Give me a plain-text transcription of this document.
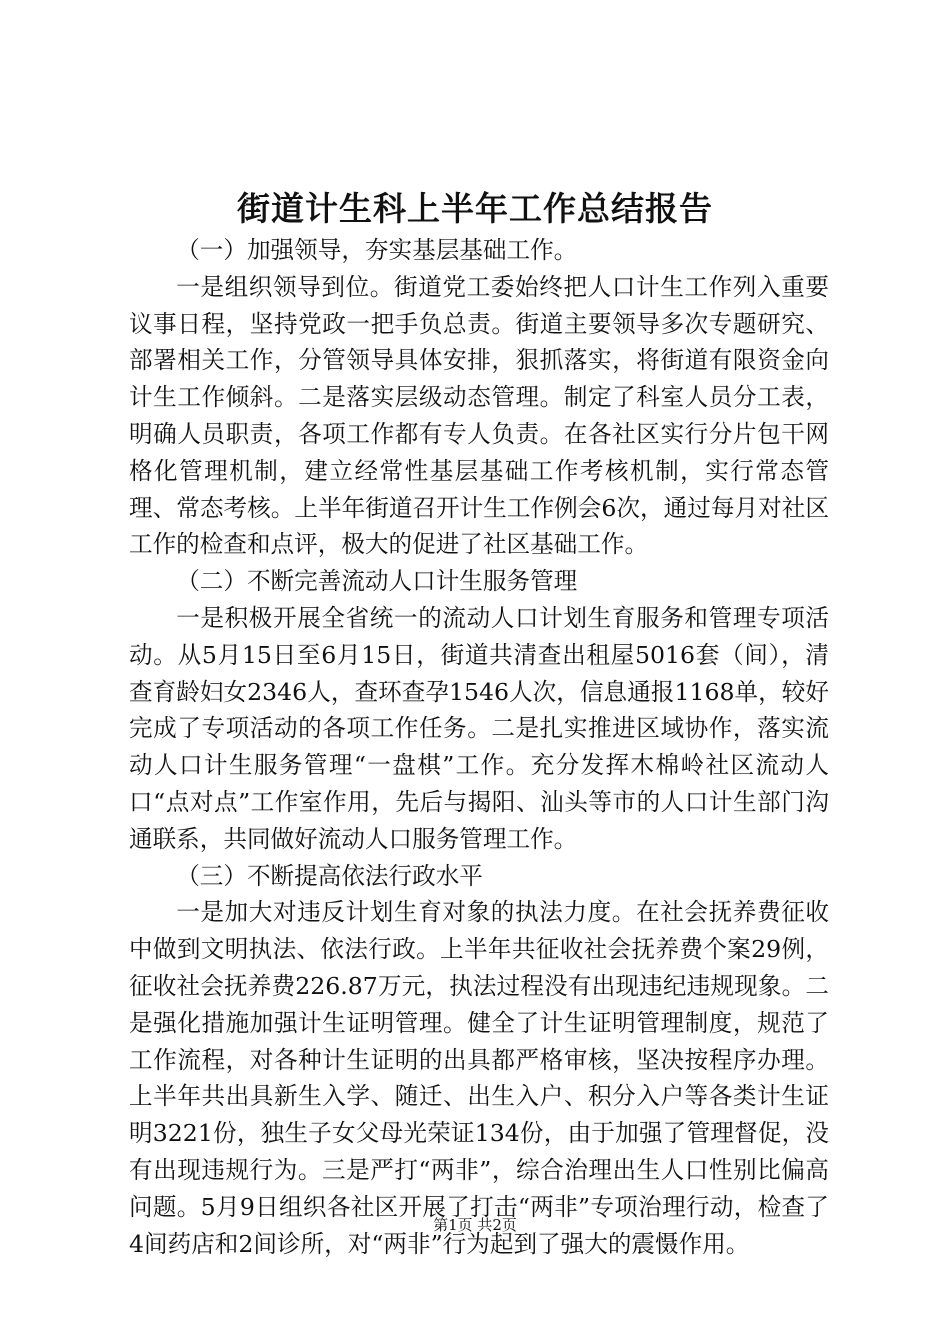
街道计生科上半年工作总结报告

（一）加强领导，夯实基层基础工作。

一是组织领导到位。街道党工委始终把人口计生工作列入重要议事日程，坚持党政一把手负总责。街道主要领导多次专题研究、部署相关工作，分管领导具体安排，狠抓落实，将街道有限资金向计生工作倾斜。二是落实层级动态管理。制定了科室人员分工表，明确人员职责，各项工作都有专人负责。在各社区实行分片包干网格化管理机制，建立经常性基层基础工作考核机制，实行常态管理、常态考核。上半年街道召开计生工作例会6次，通过每月对社区工作的检查和点评，极大的促进了社区基础工作。

（二）不断完善流动人口计生服务管理

一是积极开展全省统一的流动人口计划生育服务和管理专项活动。从5月15日至6月15日，街道共清查出租屋5016套（间），清查育龄妇女2346人，查环查孕1546人次，信息通报1168单，较好完成了专项活动的各项工作任务。二是扎实推进区域协作，落实流动人口计生服务管理“一盘棋”工作。充分发挥木棉岭社区流动人口“点对点”工作室作用，先后与揭阳、汕头等市的人口计生部门沟通联系，共同做好流动人口服务管理工作。

（三）不断提高依法行政水平

一是加大对违反计划生育对象的执法力度。在社会抚养费征收中做到文明执法、依法行政。上半年共征收社会抚养费个案29例，征收社会抚养费226.87万元，执法过程没有出现违纪违规现象。二是强化措施加强计生证明管理。健全了计生证明管理制度，规范了工作流程，对各种计生证明的出具都严格审核，坚决按程序办理。上半年共出具新生入学、随迁、出生入户、积分入户等各类计生证明3221份，独生子女父母光荣证134份，由于加强了管理督促，没有出现违规行为。三是严打“两非”，综合治理出生人口性别比偏高问题。5月9日组织各社区开展了打击“两非”专项治理行动，检查了4间药店和2间诊所，对“两非”行为起到了强大的震慑作用。

第1页 共2页
